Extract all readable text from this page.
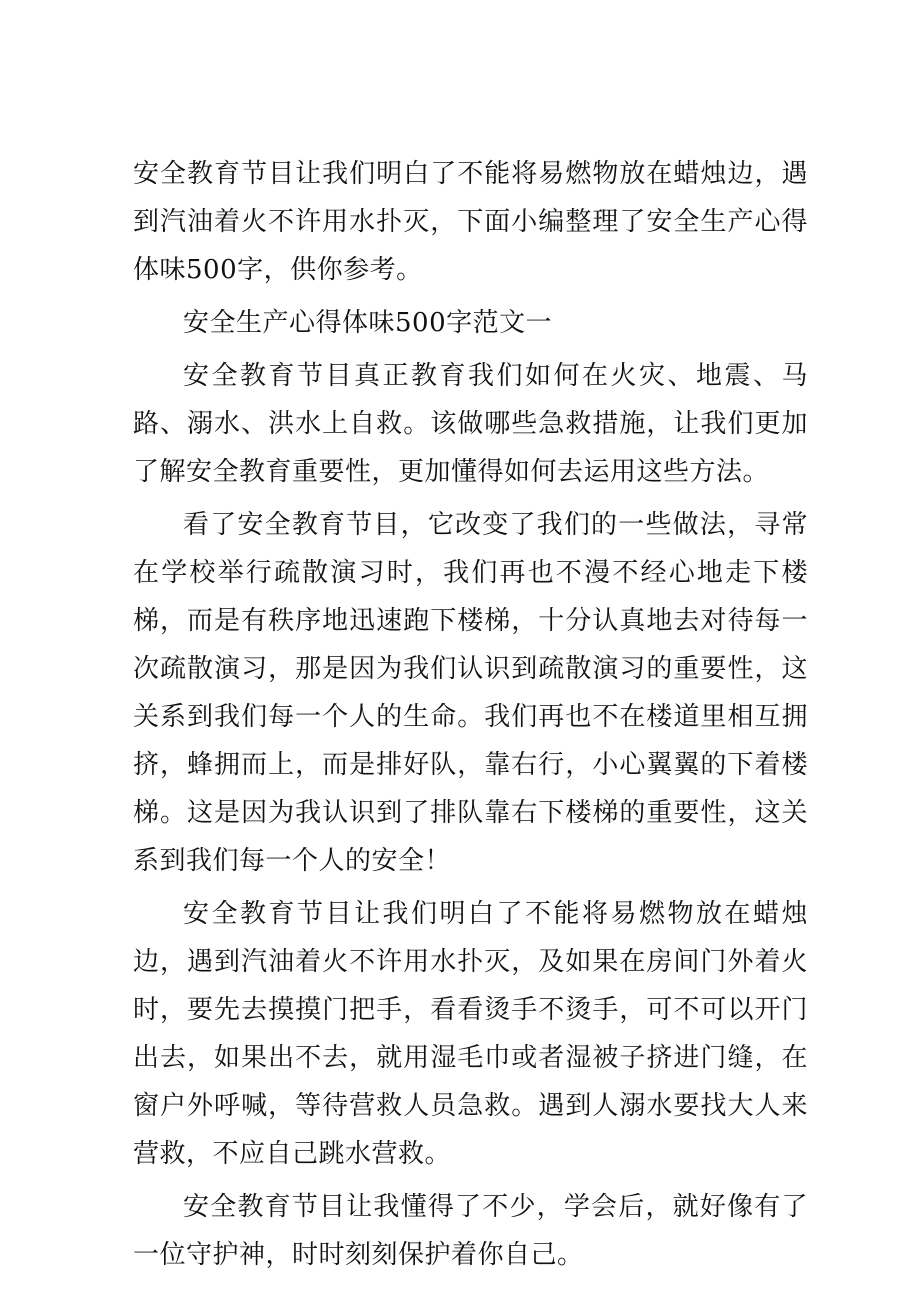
安全教育节目让我们明白了不能将易燃物放在蜡烛边，遇到汽油着火不许用水扑灭，下面小编整理了安全生产心得体味500字，供你参考。

安全生产心得体味500字范文一

安全教育节目真正教育我们如何在火灾、地震、马路、溺水、洪水上自救。该做哪些急救措施，让我们更加了解安全教育重要性，更加懂得如何去运用这些方法。

看了安全教育节目，它改变了我们的一些做法，寻常在学校举行疏散演习时，我们再也不漫不经心地走下楼梯，而是有秩序地迅速跑下楼梯，十分认真地去对待每一次疏散演习，那是因为我们认识到疏散演习的重要性，这关系到我们每一个人的生命。我们再也不在楼道里相互拥挤，蜂拥而上，而是排好队，靠右行，小心翼翼的下着楼梯。这是因为我认识到了排队靠右下楼梯的重要性，这关系到我们每一个人的安全！

安全教育节目让我们明白了不能将易燃物放在蜡烛边，遇到汽油着火不许用水扑灭，及如果在房间门外着火时，要先去摸摸门把手，看看烫手不烫手，可不可以开门出去，如果出不去，就用湿毛巾或者湿被子挤进门缝，在窗户外呼喊，等待营救人员急救。遇到人溺水要找大人来营救，不应自己跳水营救。

安全教育节目让我懂得了不少，学会后，就好像有了一位守护神，时时刻刻保护着你自己。
